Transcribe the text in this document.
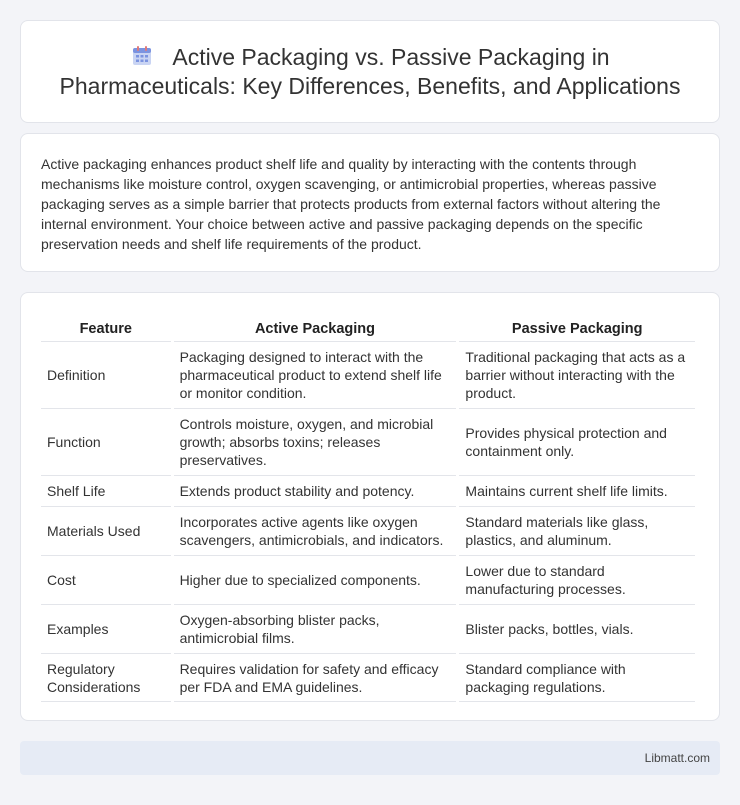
Active Packaging vs. Passive Packaging in Pharmaceuticals: Key Differences, Benefits, and Applications

Active packaging enhances product shelf life and quality by interacting with the contents through mechanisms like moisture control, oxygen scavenging, or antimicrobial properties, whereas passive packaging serves as a simple barrier that protects products from external factors without altering the internal environment. Your choice between active and passive packaging depends on the specific preservation needs and shelf life requirements of the product.

Feature	Active Packaging	Passive Packaging
Definition	Packaging designed to interact with the pharmaceutical product to extend shelf life or monitor condition.	Traditional packaging that acts as a barrier without interacting with the product.
Function	Controls moisture, oxygen, and microbial growth; absorbs toxins; releases preservatives.	Provides physical protection and containment only.
Shelf Life	Extends product stability and potency.	Maintains current shelf life limits.
Materials Used	Incorporates active agents like oxygen scavengers, antimicrobials, and indicators.	Standard materials like glass, plastics, and aluminum.
Cost	Higher due to specialized components.	Lower due to standard manufacturing processes.
Examples	Oxygen-absorbing blister packs, antimicrobial films.	Blister packs, bottles, vials.
Regulatory Considerations	Requires validation for safety and efficacy per FDA and EMA guidelines.	Standard compliance with packaging regulations.
Libmatt.com
